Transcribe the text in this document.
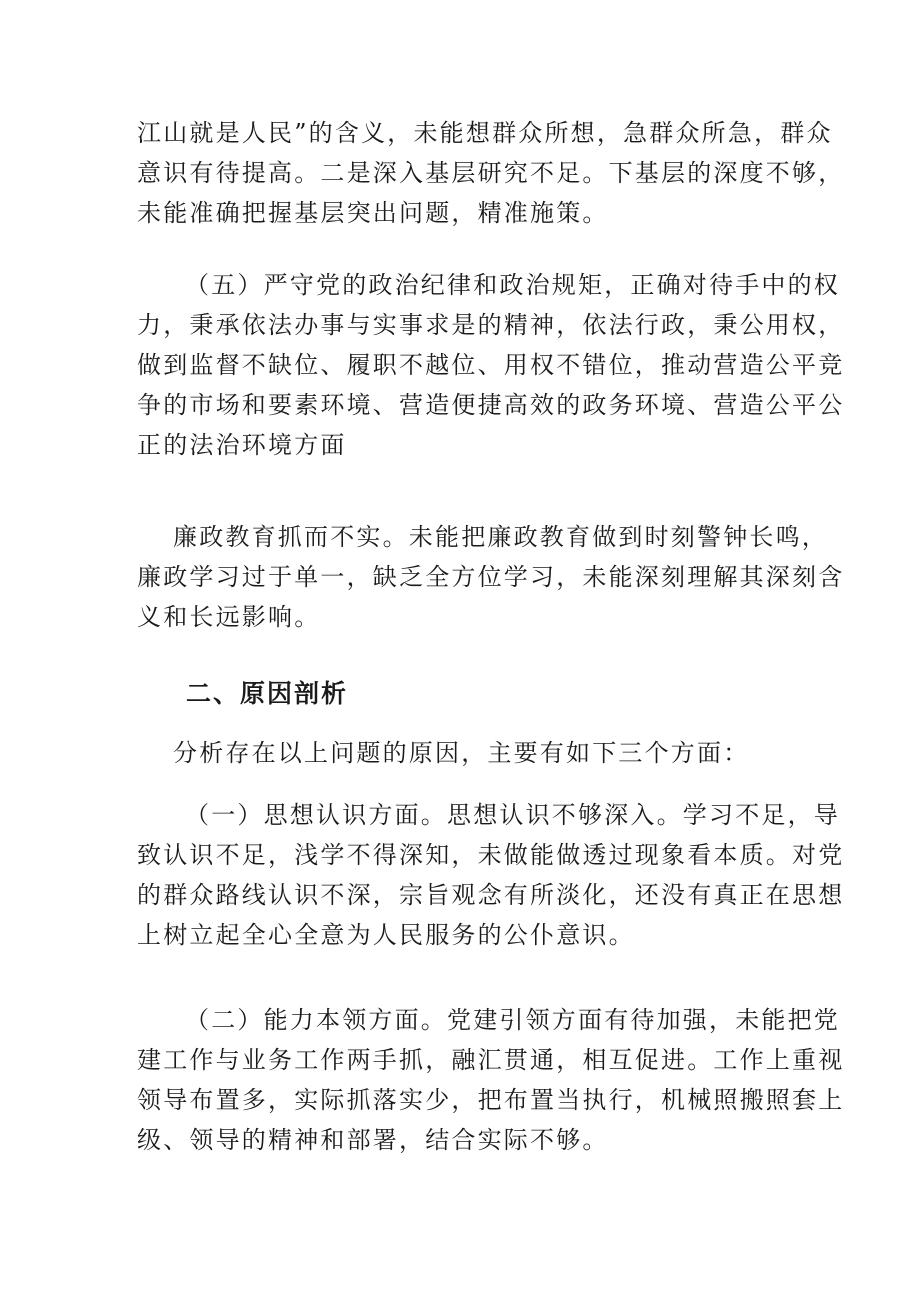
江山就是人民”的含义，未能想群众所想，急群众所急，群众
意识有待提高。二是深入基层研究不足。下基层的深度不够，
未能准确把握基层突出问题，精准施策。
（五）严守党的政治纪律和政治规矩，正确对待手中的权
力，秉承依法办事与实事求是的精神，依法行政，秉公用权，
做到监督不缺位、履职不越位、用权不错位，推动营造公平竞
争的市场和要素环境、营造便捷高效的政务环境、营造公平公
正的法治环境方面
廉政教育抓而不实。未能把廉政教育做到时刻警钟长鸣，
廉政学习过于单一，缺乏全方位学习，未能深刻理解其深刻含
义和长远影响。
二、原因剖析
分析存在以上问题的原因，主要有如下三个方面：
（一）思想认识方面。思想认识不够深入。学习不足，导
致认识不足，浅学不得深知，未做能做透过现象看本质。对党
的群众路线认识不深，宗旨观念有所淡化，还没有真正在思想
上树立起全心全意为人民服务的公仆意识。
（二）能力本领方面。党建引领方面有待加强，未能把党
建工作与业务工作两手抓，融汇贯通，相互促进。工作上重视
领导布置多，实际抓落实少，把布置当执行，机械照搬照套上
级、领导的精神和部署，结合实际不够。
